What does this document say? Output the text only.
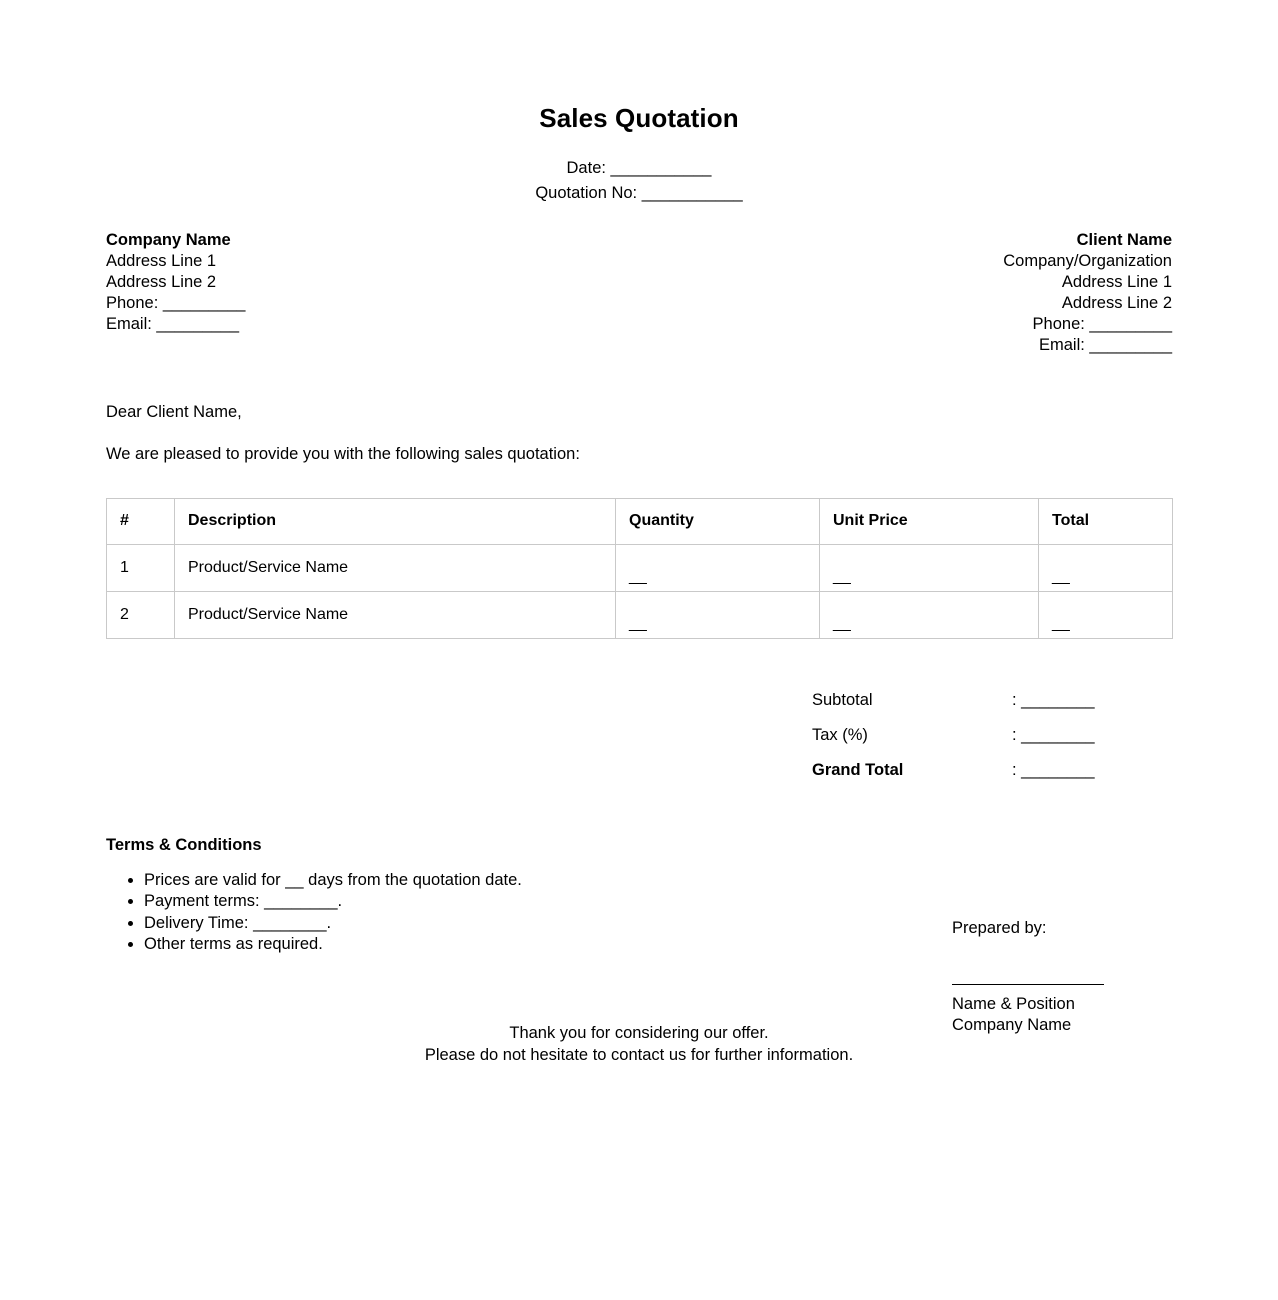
Sales Quotation
Date: ___________
Quotation No: ___________
Company Name
Address Line 1
Address Line 2
Phone: _________
Email: _________
Client Name
Company/Organization
Address Line 1
Address Line 2
Phone: _________
Email: _________
Dear Client Name,
We are pleased to provide you with the following sales quotation:
#	Description	Quantity	Unit Price	Total
1	Product/Service Name	__	__	__
2	Product/Service Name	__	__	__
Subtotal	: ________
Tax (%)	: ________
Grand Total	: ________
Terms & Conditions
• Prices are valid for __ days from the quotation date.
• Payment terms: ________.
• Delivery Time: ________.
• Other terms as required.
Prepared by:
Name & Position
Company Name
Thank you for considering our offer.
Please do not hesitate to contact us for further information.
